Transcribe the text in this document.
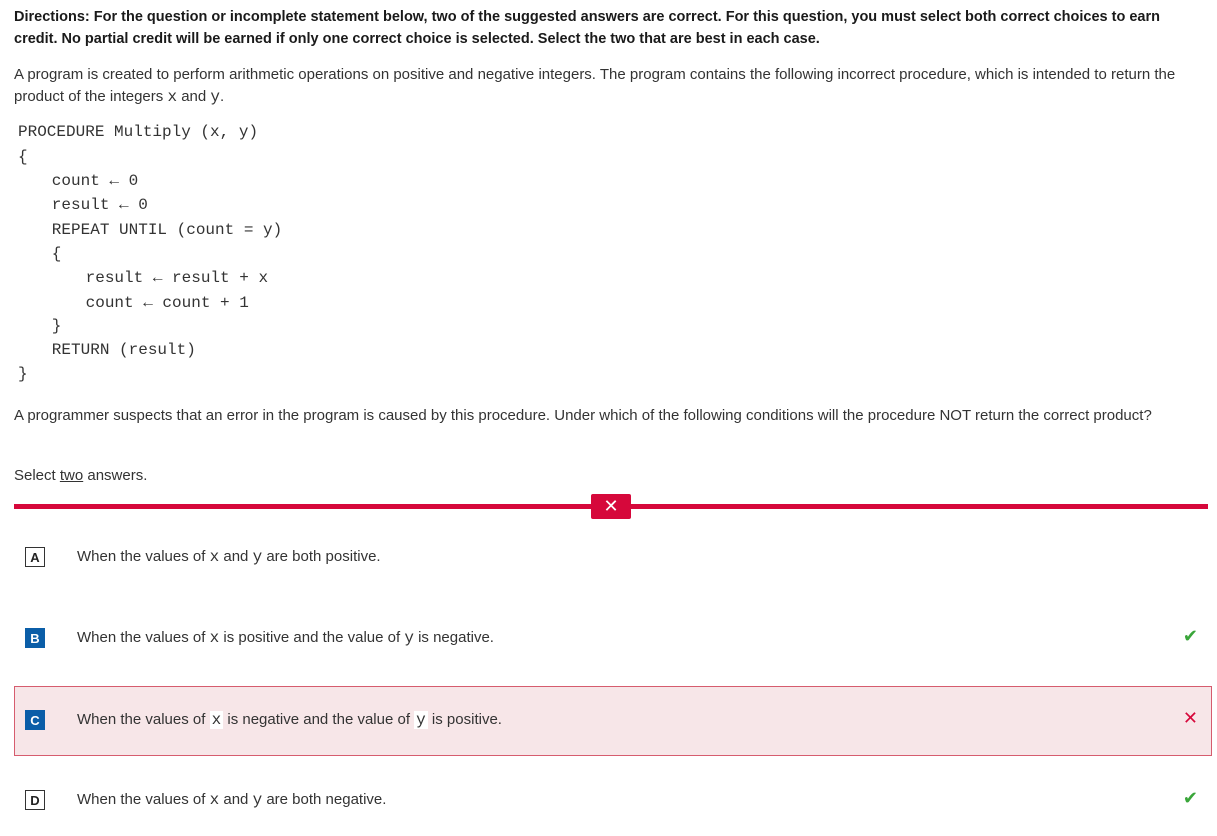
Directions: For the question or incomplete statement below, two of the suggested answers are correct. For this question, you must select both correct choices to earn credit. No partial credit will be earned if only one correct choice is selected. Select the two that are best in each case.
A program is created to perform arithmetic operations on positive and negative integers. The program contains the following incorrect procedure, which is intended to return the product of the integers x and y.

PROCEDURE Multiply (x, y)

{

count ← 0

result ← 0

REPEAT UNTIL (count = y)

{

result ← result + x

count ← count + 1

}

RETURN (result)

}

A programmer suspects that an error in the program is caused by this procedure. Under which of the following conditions will the procedure NOT return the correct product?
Select two answers.
✕
A	When the values of x and y are both positive.
B	When the values of x is positive and the value of y is negative.	✔
C	When the values of x is negative and the value of y is positive.	✕
D	When the values of x and y are both negative.	✔
